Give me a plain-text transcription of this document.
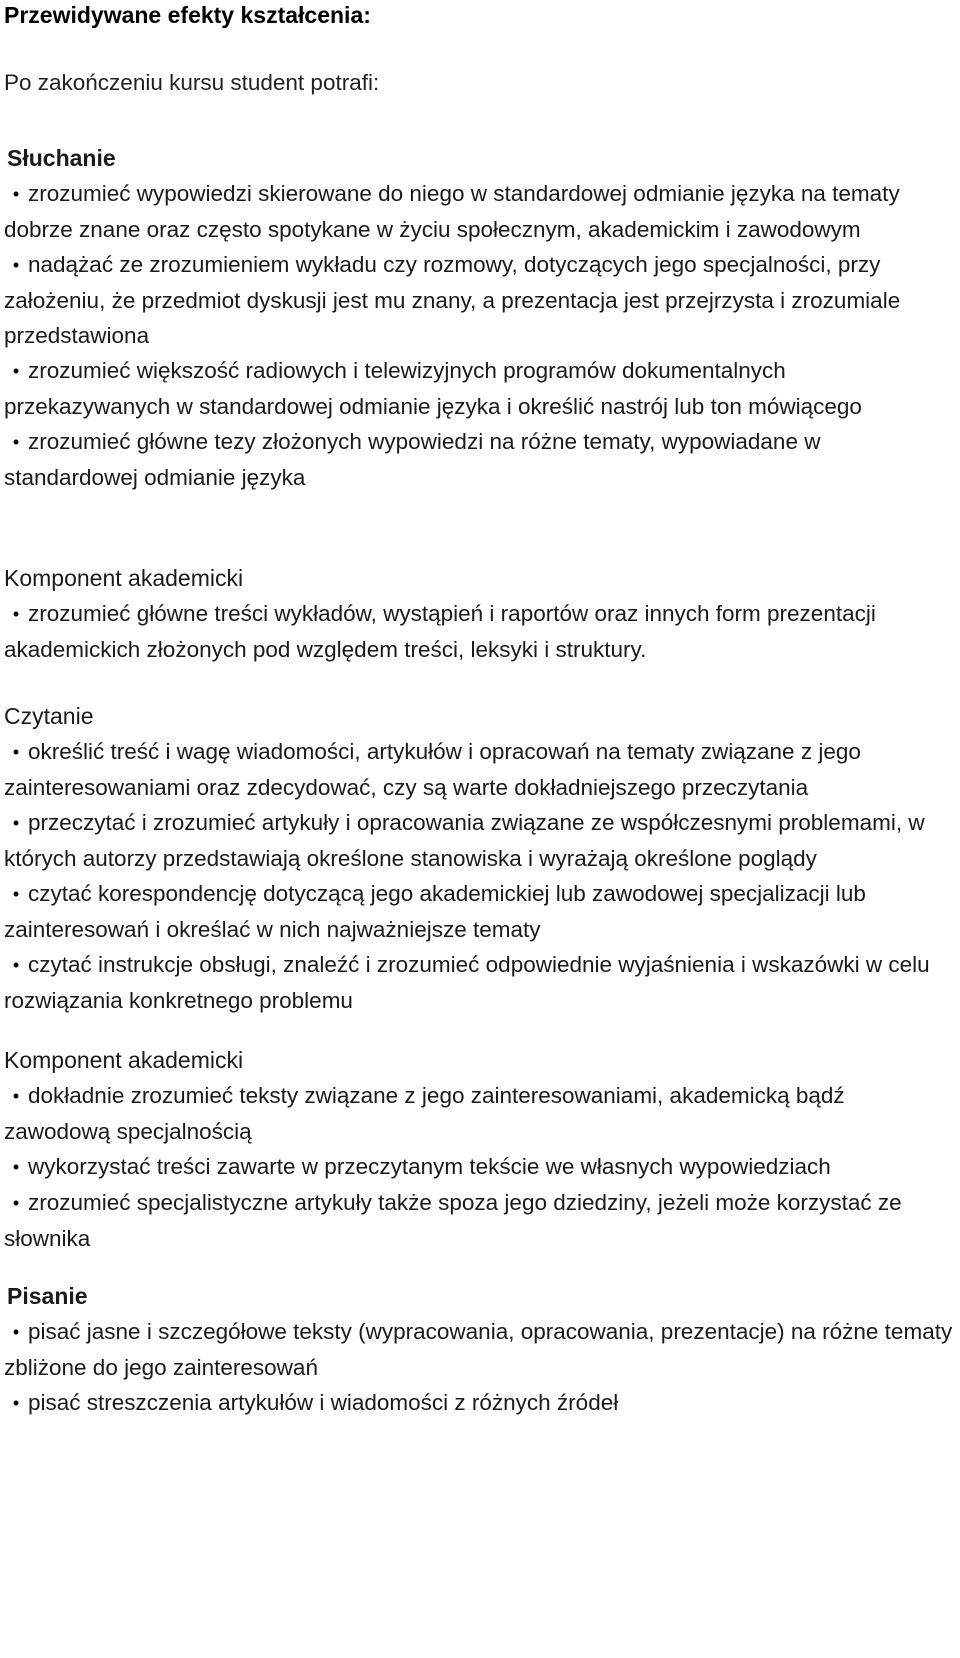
Przewidywane efekty kształcenia:

Po zakończeniu kursu student potrafi:

Słuchanie
• zrozumieć wypowiedzi skierowane do niego w standardowej odmianie języka na tematy dobrze znane oraz często spotykane w życiu społecznym, akademickim i zawodowym
• nadążać ze zrozumieniem wykładu czy rozmowy, dotyczących jego specjalności, przy założeniu, że przedmiot dyskusji jest mu znany, a prezentacja jest przejrzysta i zrozumiale przedstawiona
• zrozumieć większość radiowych i telewizyjnych programów dokumentalnych przekazywanych w standardowej odmianie języka i określić nastrój lub ton mówiącego
• zrozumieć główne tezy złożonych wypowiedzi na różne tematy, wypowiadane w standardowej odmianie języka
Komponent akademicki
• zrozumieć główne treści wykładów, wystąpień i raportów oraz innych form prezentacji akademickich złożonych pod względem treści, leksyki i struktury.
Czytanie
• określić treść i wagę wiadomości, artykułów i opracowań na tematy związane z jego zainteresowaniami oraz zdecydować, czy są warte dokładniejszego przeczytania
• przeczytać i zrozumieć artykuły i opracowania związane ze współczesnymi problemami, w których autorzy przedstawiają określone stanowiska i wyrażają określone poglądy
• czytać korespondencję dotyczącą jego akademickiej lub zawodowej specjalizacji lub zainteresowań i określać w nich najważniejsze tematy
• czytać instrukcje obsługi, znaleźć i zrozumieć odpowiednie wyjaśnienia i wskazówki w celu rozwiązania konkretnego problemu
Komponent akademicki
• dokładnie zrozumieć teksty związane z jego zainteresowaniami, akademicką bądź zawodową specjalnością
• wykorzystać treści zawarte w przeczytanym tekście we własnych wypowiedziach
• zrozumieć specjalistyczne artykuły także spoza jego dziedziny, jeżeli może korzystać ze słownika
Pisanie
• pisać jasne i szczegółowe teksty (wypracowania, opracowania, prezentacje) na różne tematy zbliżone do jego zainteresowań
• pisać streszczenia artykułów i wiadomości z różnych źródeł
